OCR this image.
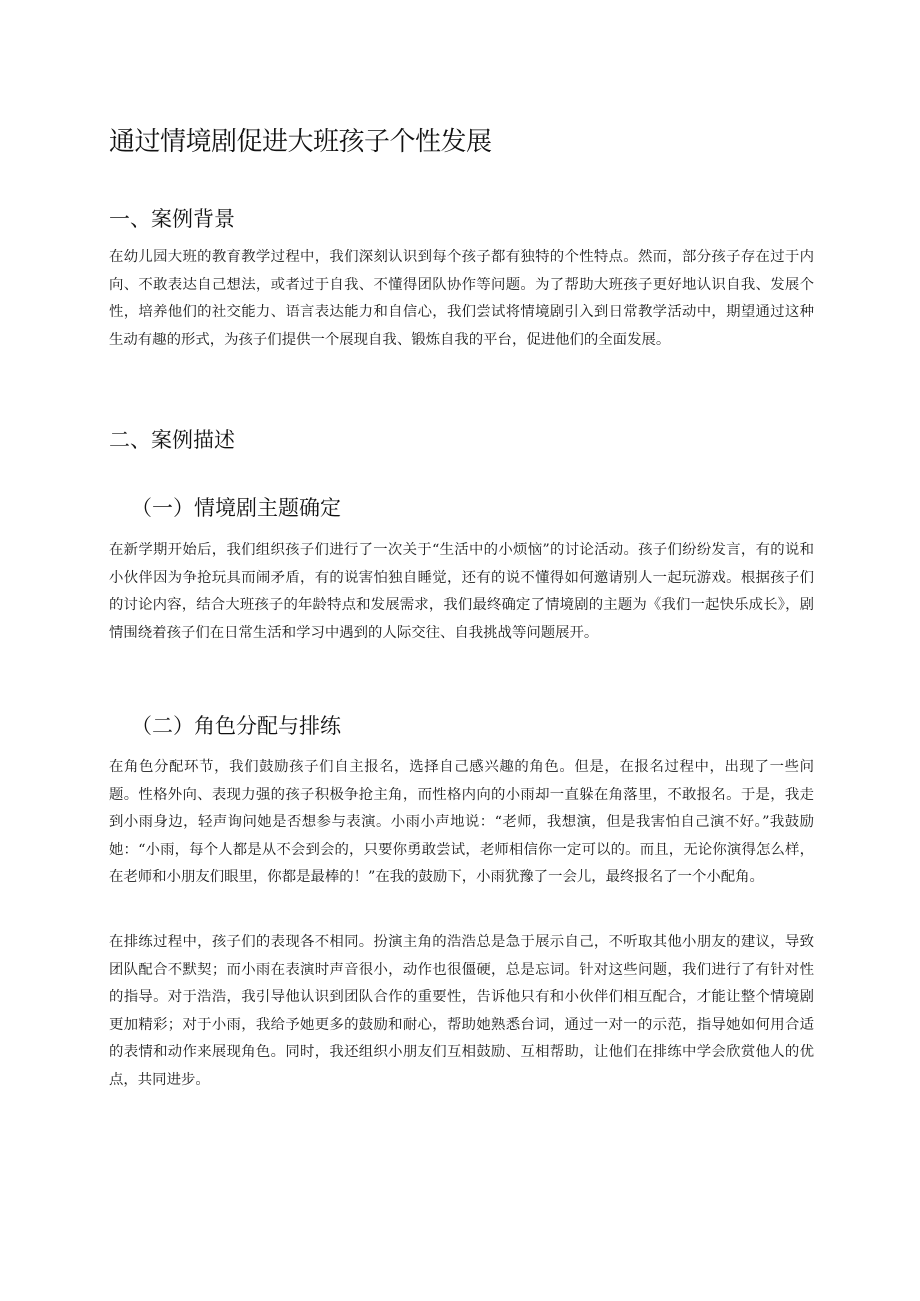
通过情境剧促进大班孩子个性发展
一、案例背景

在幼儿园大班的教育教学过程中，我们深刻认识到每个孩子都有独特的个性特点。然而，部分孩子存在过于内向、不敢表达自己想法，或者过于自我、不懂得团队协作等问题。为了帮助大班孩子更好地认识自我、发展个性，培养他们的社交能力、语言表达能力和自信心，我们尝试将情境剧引入到日常教学活动中，期望通过这种生动有趣的形式，为孩子们提供一个展现自我、锻炼自我的平台，促进他们的全面发展。

二、案例描述
（一）情境剧主题确定

在新学期开始后，我们组织孩子们进行了一次关于“生活中的小烦恼”的讨论活动。孩子们纷纷发言，有的说和小伙伴因为争抢玩具而闹矛盾，有的说害怕独自睡觉，还有的说不懂得如何邀请别人一起玩游戏。根据孩子们的讨论内容，结合大班孩子的年龄特点和发展需求，我们最终确定了情境剧的主题为《我们一起快乐成长》，剧情围绕着孩子们在日常生活和学习中遇到的人际交往、自我挑战等问题展开。

（二）角色分配与排练

在角色分配环节，我们鼓励孩子们自主报名，选择自己感兴趣的角色。但是，在报名过程中，出现了一些问题。性格外向、表现力强的孩子积极争抢主角，而性格内向的小雨却一直躲在角落里，不敢报名。于是，我走到小雨身边，轻声询问她是否想参与表演。小雨小声地说：“老师，我想演，但是我害怕自己演不好。”我鼓励她：“小雨，每个人都是从不会到会的，只要你勇敢尝试，老师相信你一定可以的。而且，无论你演得怎么样，在老师和小朋友们眼里，你都是最棒的！”在我的鼓励下，小雨犹豫了一会儿，最终报名了一个小配角。

在排练过程中，孩子们的表现各不相同。扮演主角的浩浩总是急于展示自己，不听取其他小朋友的建议，导致团队配合不默契；而小雨在表演时声音很小，动作也很僵硬，总是忘词。针对这些问题，我们进行了有针对性的指导。对于浩浩，我引导他认识到团队合作的重要性，告诉他只有和小伙伴们相互配合，才能让整个情境剧更加精彩；对于小雨，我给予她更多的鼓励和耐心，帮助她熟悉台词，通过一对一的示范，指导她如何用合适的表情和动作来展现角色。同时，我还组织小朋友们互相鼓励、互相帮助，让他们在排练中学会欣赏他人的优点，共同进步。
